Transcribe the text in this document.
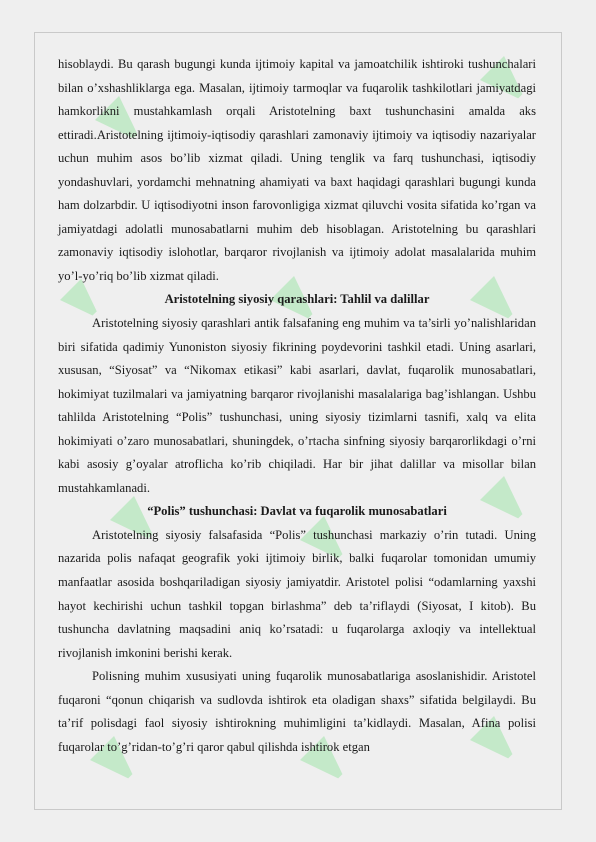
hisoblaydi. Bu qarash bugungi kunda ijtimoiy kapital va jamoatchilik ishtiroki tushunchalari bilan o’xshashliklarga ega. Masalan, ijtimoiy tarmoqlar va fuqarolik tashkilotlari jamiyatdagi hamkorlikni mustahkamlash orqali Aristotelning baxt tushunchasini amalda aks ettiradi.Aristotelning ijtimoiy-iqtisodiy qarashlari zamonaviy ijtimoiy va iqtisodiy nazariyalar uchun muhim asos bo’lib xizmat qiladi. Uning tenglik va farq tushunchasi, iqtisodiy yondashuvlari, yordamchi mehnatning ahamiyati va baxt haqidagi qarashlari bugungi kunda ham dolzarbdir. U iqtisodiyotni inson farovonligiga xizmat qiluvchi vosita sifatida ko’rgan va jamiyatdagi adolatli munosabatlarni muhim deb hisoblagan. Aristotelning bu qarashlari zamonaviy iqtisodiy islohotlar, barqaror rivojlanish va ijtimoiy adolat masalalarida muhim yo’l-yo’riq bo’lib xizmat qiladi.

Aristotelning siyosiy qarashlari: Tahlil va dalillar

Aristotelning siyosiy qarashlari antik falsafaning eng muhim va ta’sirli yo’nalishlaridan biri sifatida qadimiy Yunoniston siyosiy fikrining poydevorini tashkil etadi. Uning asarlari, xususan, “Siyosat” va “Nikomax etikasi” kabi asarlari, davlat, fuqarolik munosabatlari, hokimiyat tuzilmalari va jamiyatning barqaror rivojlanishi masalalariga bag’ishlangan. Ushbu tahlilda Aristotelning “Polis” tushunchasi, uning siyosiy tizimlarni tasnifi, xalq va elita hokimiyati o’zaro munosabatlari, shuningdek, o’rtacha sinfning siyosiy barqarorlikdagi o’rni kabi asosiy g’oyalar atroflicha ko’rib chiqiladi. Har bir jihat dalillar va misollar bilan mustahkamlanadi.

“Polis” tushunchasi: Davlat va fuqarolik munosabatlari

Aristotelning siyosiy falsafasida “Polis” tushunchasi markaziy o’rin tutadi. Uning nazarida polis nafaqat geografik yoki ijtimoiy birlik, balki fuqarolar tomonidan umumiy manfaatlar asosida boshqariladigan siyosiy jamiyatdir. Aristotel polisi “odamlarning yaxshi hayot kechirishi uchun tashkil topgan birlashma” deb ta’riflaydi (Siyosat, I kitob). Bu tushuncha davlatning maqsadini aniq ko’rsatadi: u fuqarolarga axloqiy va intellektual rivojlanish imkonini berishi kerak.

Polisning muhim xususiyati uning fuqarolik munosabatlariga asoslanishidir. Aristotel fuqaroni “qonun chiqarish va sudlovda ishtirok eta oladigan shaxs” sifatida belgilaydi. Bu ta’rif polisdagi faol siyosiy ishtirokning muhimligini ta’kidlaydi. Masalan, Afina polisi fuqarolar to’g’ridan-to’g’ri qaror qabul qilishda ishtirok etgan
